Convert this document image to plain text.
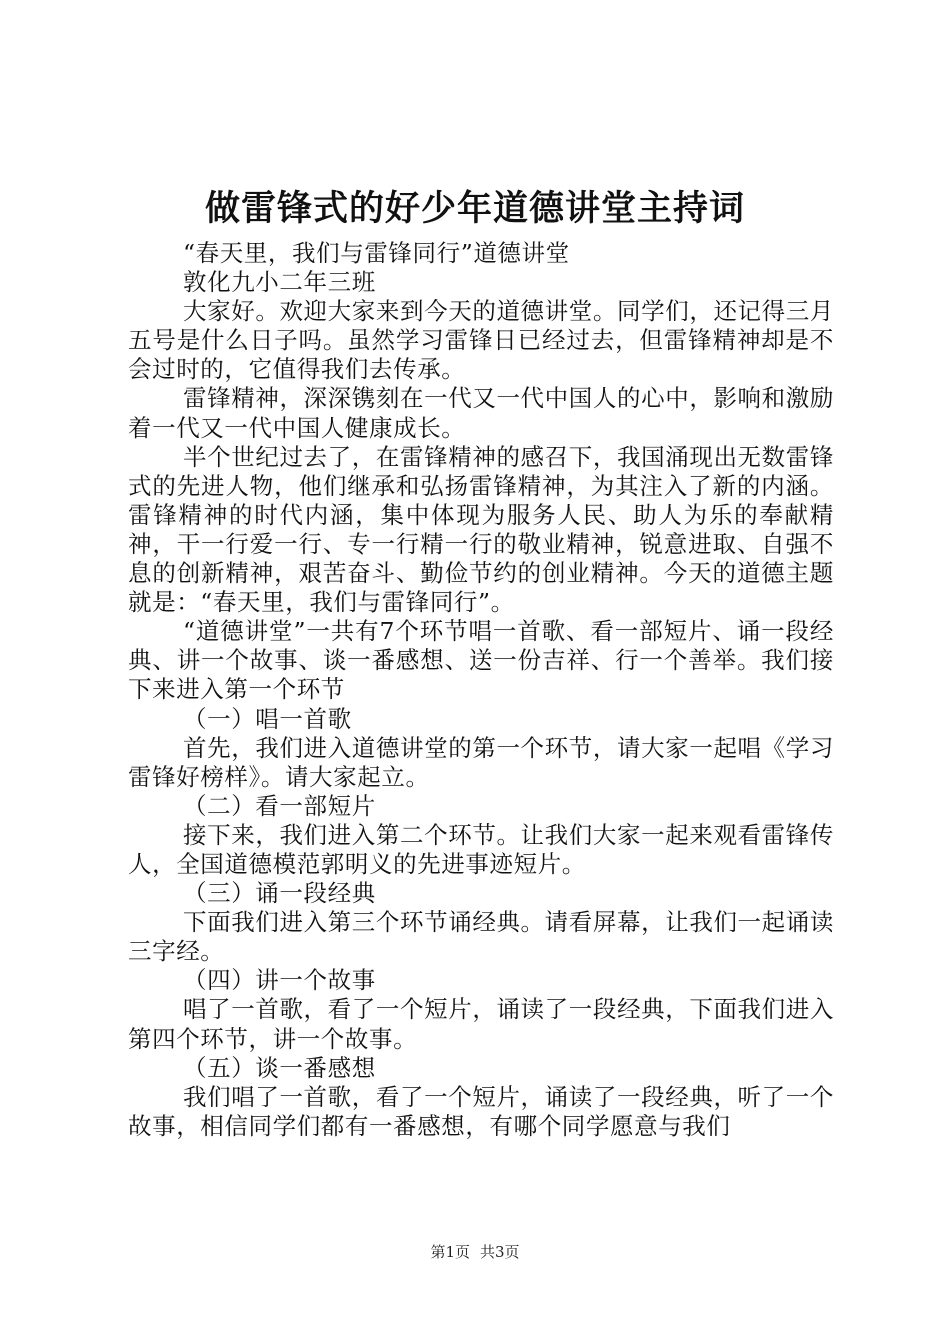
做雷锋式的好少年道德讲堂主持词

“春天里，我们与雷锋同行”道德讲堂

敦化九小二年三班

大家好。欢迎大家来到今天的道德讲堂。同学们，还记得三月五号是什么日子吗。虽然学习雷锋日已经过去，但雷锋精神却是不会过时的，它值得我们去传承。

雷锋精神，深深镌刻在一代又一代中国人的心中，影响和激励着一代又一代中国人健康成长。

半个世纪过去了，在雷锋精神的感召下，我国涌现出无数雷锋式的先进人物，他们继承和弘扬雷锋精神，为其注入了新的内涵。雷锋精神的时代内涵，集中体现为服务人民、助人为乐的奉献精神，干一行爱一行、专一行精一行的敬业精神，锐意进取、自强不息的创新精神，艰苦奋斗、勤俭节约的创业精神。今天的道德主题就是：“春天里，我们与雷锋同行”。

“道德讲堂”一共有7个环节唱一首歌、看一部短片、诵一段经典、讲一个故事、谈一番感想、送一份吉祥、行一个善举。我们接下来进入第一个环节

（一）唱一首歌

首先，我们进入道德讲堂的第一个环节，请大家一起唱《学习雷锋好榜样》。请大家起立。

（二）看一部短片

接下来，我们进入第二个环节。让我们大家一起来观看雷锋传人，全国道德模范郭明义的先进事迹短片。

（三）诵一段经典

下面我们进入第三个环节诵经典。请看屏幕，让我们一起诵读三字经。

（四）讲一个故事

唱了一首歌，看了一个短片，诵读了一段经典，下面我们进入第四个环节，讲一个故事。

（五）谈一番感想

我们唱了一首歌，看了一个短片，诵读了一段经典，听了一个故事，相信同学们都有一番感想，有哪个同学愿意与我们

第1页 共3页
